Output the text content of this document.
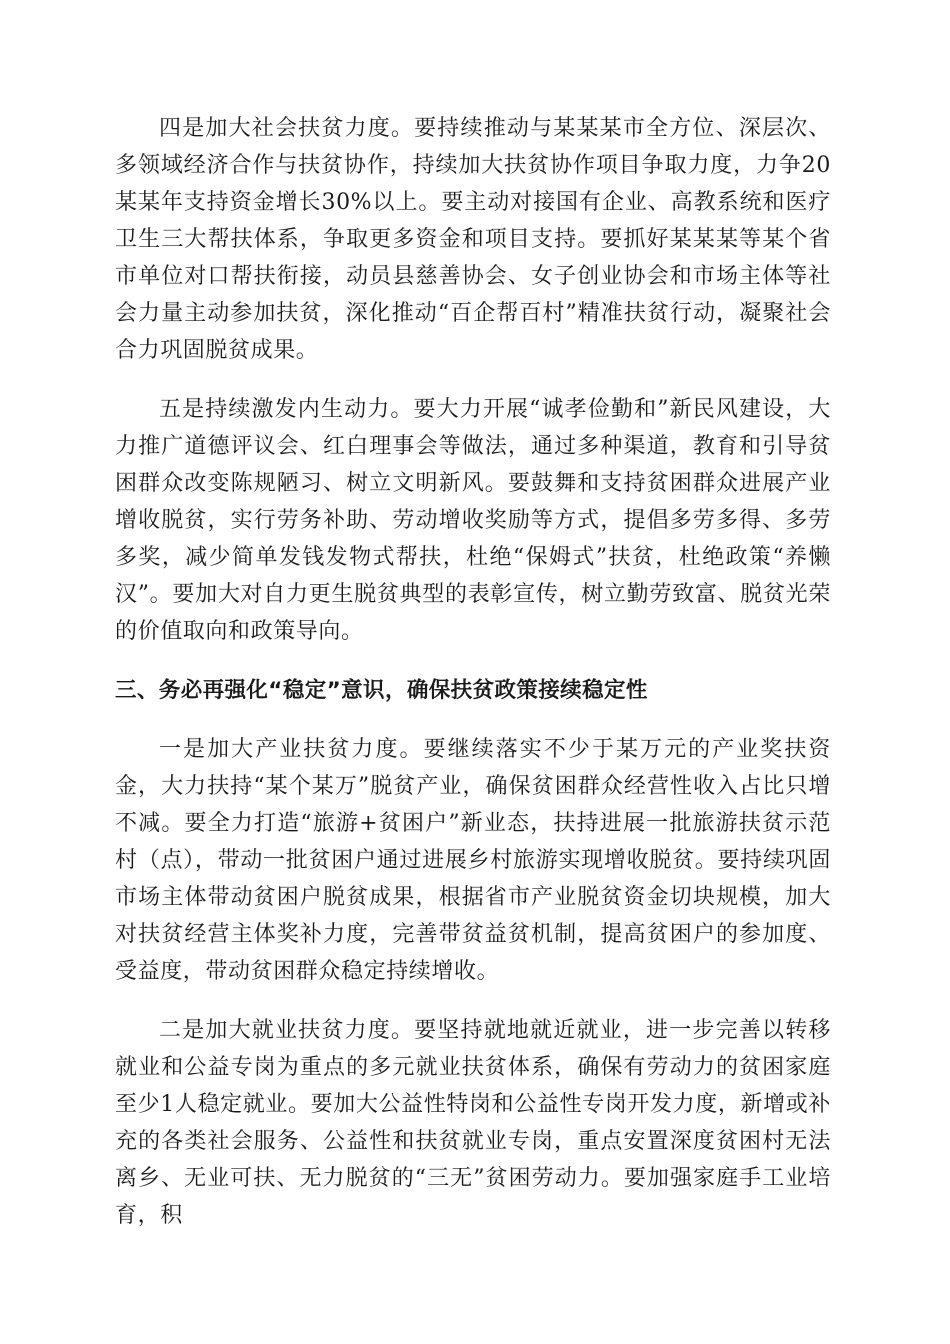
四是加大社会扶贫力度。要持续推动与某某某市全方位、深层次、多领域经济合作与扶贫协作，持续加大扶贫协作项目争取力度，力争20某某年支持资金增长30%以上。要主动对接国有企业、高教系统和医疗卫生三大帮扶体系，争取更多资金和项目支持。要抓好某某某等某个省市单位对口帮扶衔接，动员县慈善协会、女子创业协会和市场主体等社会力量主动参加扶贫，深化推动“百企帮百村”精准扶贫行动，凝聚社会合力巩固脱贫成果。

五是持续激发内生动力。要大力开展“诚孝俭勤和”新民风建设，大力推广道德评议会、红白理事会等做法，通过多种渠道，教育和引导贫困群众改变陈规陋习、树立文明新风。要鼓舞和支持贫困群众进展产业增收脱贫，实行劳务补助、劳动增收奖励等方式，提倡多劳多得、多劳多奖，减少简单发钱发物式帮扶，杜绝“保姆式”扶贫，杜绝政策“养懒汉”。要加大对自力更生脱贫典型的表彰宣传，树立勤劳致富、脱贫光荣的价值取向和政策导向。

三、务必再强化“稳定”意识，确保扶贫政策接续稳定性

一是加大产业扶贫力度。要继续落实不少于某万元的产业奖扶资金，大力扶持“某个某万”脱贫产业，确保贫困群众经营性收入占比只增不减。要全力打造“旅游+贫困户”新业态，扶持进展一批旅游扶贫示范村（点），带动一批贫困户通过进展乡村旅游实现增收脱贫。要持续巩固市场主体带动贫困户脱贫成果，根据省市产业脱贫资金切块规模，加大对扶贫经营主体奖补力度，完善带贫益贫机制，提高贫困户的参加度、受益度，带动贫困群众稳定持续增收。

二是加大就业扶贫力度。要坚持就地就近就业，进一步完善以转移就业和公益专岗为重点的多元就业扶贫体系，确保有劳动力的贫困家庭至少1人稳定就业。要加大公益性特岗和公益性专岗开发力度，新增或补充的各类社会服务、公益性和扶贫就业专岗，重点安置深度贫困村无法离乡、无业可扶、无力脱贫的“三无”贫困劳动力。要加强家庭手工业培育，积
